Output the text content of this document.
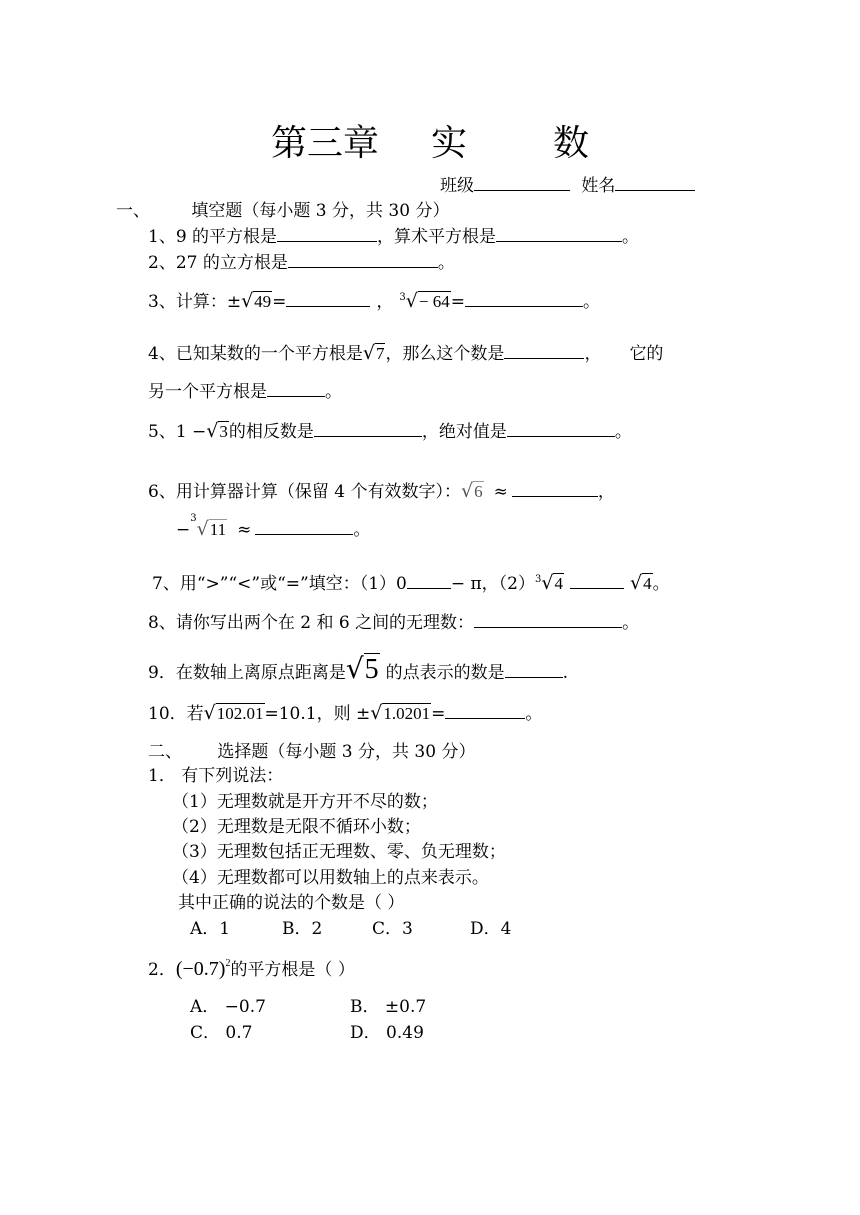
第三章 实 数
班级	姓名
一、 填空题（每小题 3 分，共 30 分）
1、9 的平方根是	，算术平方根是	。
2、27 的立方根是	。
3、计算：±√49=	， $^3$√− 64=	。
4、已知某数的一个平方根是√7，那么这个数是	， 它的
另一个平方根是	。
5、1 −√3的相反数是	，绝对值是	。
6、用计算器计算（保留 4 个有效数字）：√6 ≈	，
−$^3$√11 ≈	。
7、用“>”“<”或“=”填空：（1）0	− π，$(2)^3√4$	√4。
8、请你写出两个在 2 和 6 之间的无理数：	。
9．在数轴上离原点距离是√5 的点表示的数是	.
10．若√102.01=10.1，则 ±√1.0201=	。
二、 选择题（每小题 3 分，共 30 分）
1． 有下列说法：
（1）无理数就是开方开不尽的数；
（2）无理数是无限不循环小数；
（3）无理数包括正无理数、零、负无理数；
（4）无理数都可以用数轴上的点来表示。
其中正确的说法的个数是（ ）
A．1	B．2	C．3	D．4
2．$(-0.7)^2$的平方根是（ ）
A． −0.7	B． ±0.7
C． 0.7	D． 0.49
